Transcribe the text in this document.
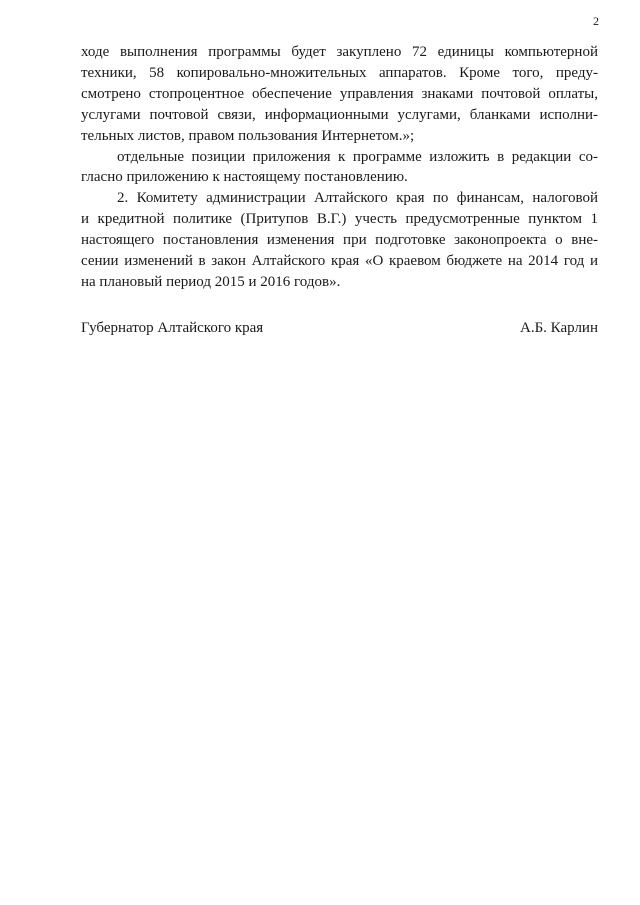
2
ходе выполнения программы будет закуплено 72 единицы компьютерной
техники, 58 копировально-множительных аппаратов. Кроме того, преду-
смотрено стопроцентное обеспечение управления знаками почтовой оплаты,
услугами почтовой связи, информационными услугами, бланками исполни-
тельных листов, правом пользования Интернетом.»;
отдельные позиции приложения к программе изложить в редакции со-
гласно приложению к настоящему постановлению.
2. Комитету администрации Алтайского края по финансам, налоговой
и кредитной политике (Притупов В.Г.) учесть предусмотренные пунктом 1
настоящего постановления изменения при подготовке законопроекта о вне-
сении изменений в закон Алтайского края «О краевом бюджете на 2014 год и
на плановый период 2015 и 2016 годов».
Губернатор Алтайского края	А.Б. Карлин
